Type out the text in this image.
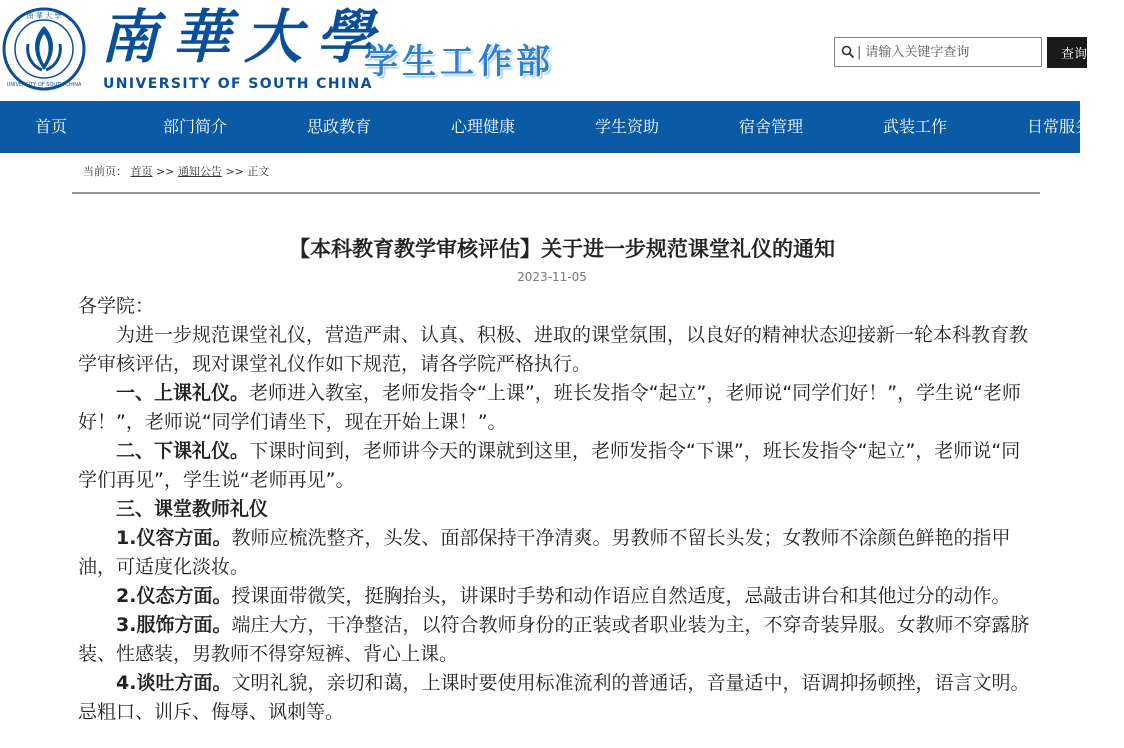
南 華 大 學
UNIVERSITY OF SOUTH CHINA
南華大學
UNIVERSITY OF SOUTH CHINA
学生工作部	|
请输入关键字查询	查询
首页	部门简介	思政教育	心理健康	学生资助	宿舍管理	武装工作	日常服务
当前页： 首页 >> 通知公告 >> 正文
【本科教育教学审核评估】关于进一步规范课堂礼仪的通知
2023-11-05

各学院：

为进一步规范课堂礼仪，营造严肃、认真、积极、进取的课堂氛围，以良好的精神状态迎接新一轮本科教育教学审核评估，现对课堂礼仪作如下规范，请各学院严格执行。

一、上课礼仪。老师进入教室，老师发指令“上课”，班长发指令“起立”，老师说“同学们好！”，学生说“老师好！”，老师说“同学们请坐下，现在开始上课！”。

二、下课礼仪。下课时间到，老师讲今天的课就到这里，老师发指令“下课”，班长发指令“起立”，老师说“同学们再见”，学生说“老师再见”。

三、课堂教师礼仪

1.仪容方面。教师应梳洗整齐，头发、面部保持干净清爽。男教师不留长头发；女教师不涂颜色鲜艳的指甲油，可适度化淡妆。

2.仪态方面。授课面带微笑，挺胸抬头，讲课时手势和动作语应自然适度，忌敲击讲台和其他过分的动作。

3.服饰方面。端庄大方，干净整洁，以符合教师身份的正装或者职业装为主，不穿奇装异服。女教师不穿露脐装、性感装，男教师不得穿短裤、背心上课。

4.谈吐方面。文明礼貌，亲切和蔼，上课时要使用标准流利的普通话，音量适中，语调抑扬顿挫，语言文明。忌粗口、训斥、侮辱、讽刺等。
